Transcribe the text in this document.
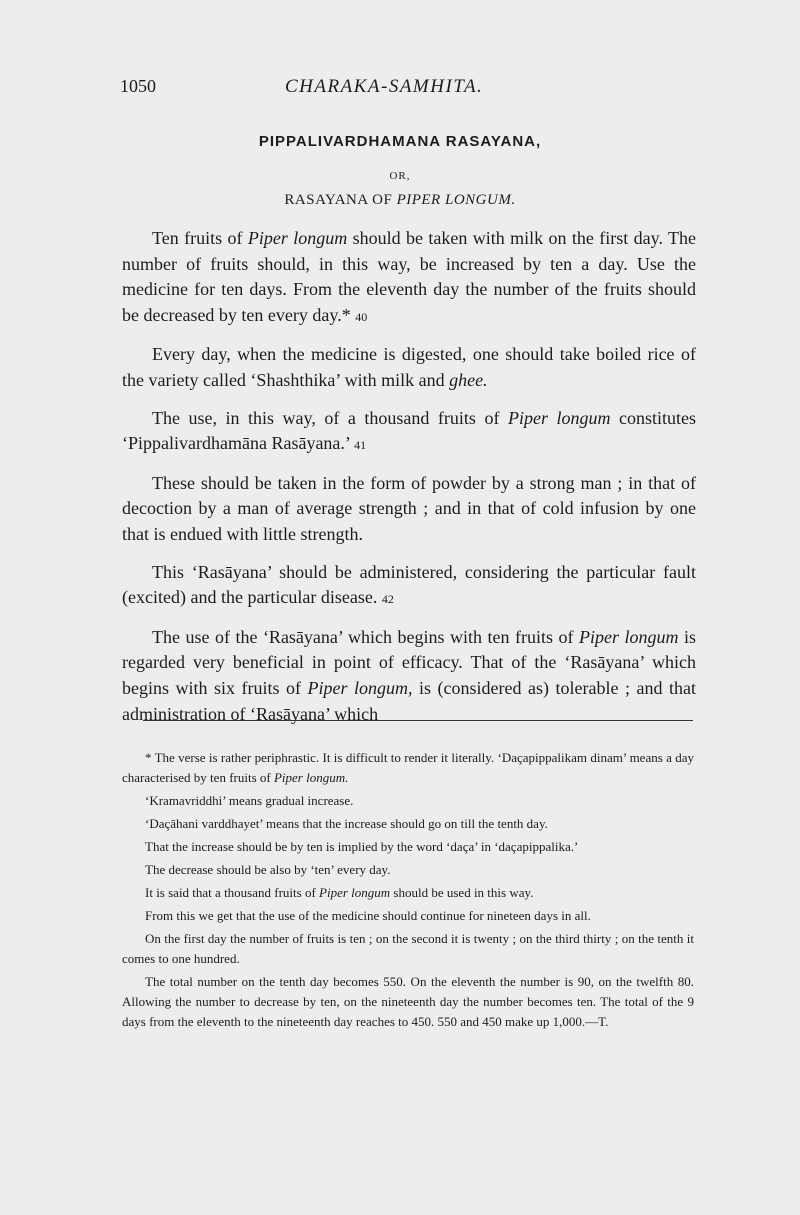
1050	CHARAKA-SAMHITA.
PIPPALIVARDHAMANA RASAYANA,
OR,
RASAYANA OF PIPER LONGUM.

Ten fruits of Piper longum should be taken with milk on the first day. The number of fruits should, in this way, be increased by ten a day. Use the medicine for ten days. From the eleventh day the number of the fruits should be decreased by ten every day.* 40

Every day, when the medicine is digested, one should take boiled rice of the variety called ‘Shashthika’ with milk and ghee.

The use, in this way, of a thousand fruits of Piper longum constitutes ‘Pippalivardhamāna Rasāyana.’ 41

These should be taken in the form of powder by a strong man ; in that of decoction by a man of average strength ; and in that of cold infusion by one that is endued with little strength.

This ‘Rasāyana’ should be administered, considering the particular fault (excited) and the particular disease. 42

The use of the ‘Rasāyana’ which begins with ten fruits of Piper longum is regarded very beneficial in point of efficacy. That of the ‘Rasāyana’ which begins with six fruits of Piper longum, is (considered as) tolerable ; and that administration of ‘Rasāyana’ which

* The verse is rather periphrastic. It is difficult to render it literally. ‘Daçapippalikam dinam’ means a day characterised by ten fruits of Piper longum.

‘Kramavriddhi’ means gradual increase.

‘Daçāhani varddhayet’ means that the increase should go on till the tenth day.

That the increase should be by ten is implied by the word ‘daça’ in ‘daçapippalika.’

The decrease should be also by ‘ten’ every day.

It is said that a thousand fruits of Piper longum should be used in this way.

From this we get that the use of the medicine should continue for nineteen days in all.

On the first day the number of fruits is ten ; on the second it is twenty ; on the third thirty ; on the tenth it comes to one hundred.

The total number on the tenth day becomes 550. On the eleventh the number is 90, on the twelfth 80. Allowing the number to decrease by ten, on the nineteenth day the number becomes ten. The total of the 9 days from the eleventh to the nineteenth day reaches to 450. 550 and 450 make up 1,000.—T.
